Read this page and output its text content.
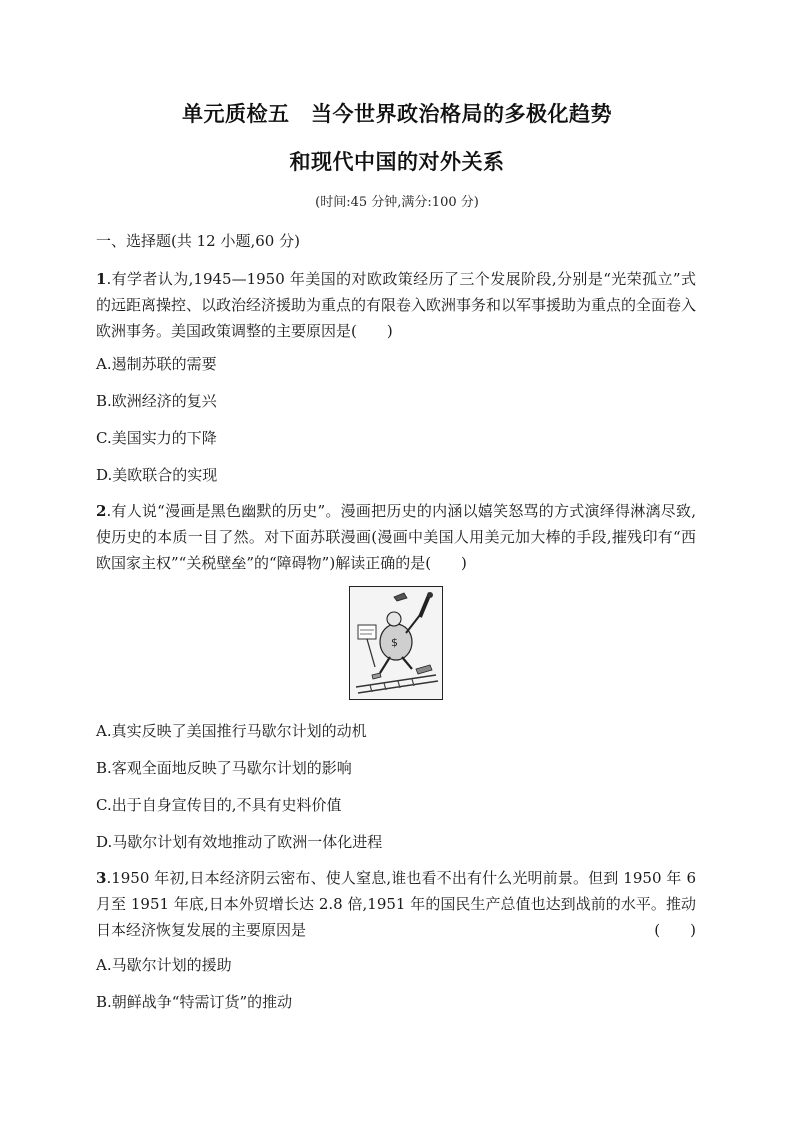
单元质检五　当今世界政治格局的多极化趋势
和现代中国的对外关系
(时间:45 分钟,满分:100 分)
一、选择题(共 12 小题,60 分)
1.有学者认为,1945—1950 年美国的对欧政策经历了三个发展阶段,分别是“光荣孤立”式的远距离操控、以政治经济援助为重点的有限卷入欧洲事务和以军事援助为重点的全面卷入欧洲事务。美国政策调整的主要原因是(　　)
A.遏制苏联的需要
B.欧洲经济的复兴
C.美国实力的下降
D.美欧联合的实现
2.有人说“漫画是黑色幽默的历史”。漫画把历史的内涵以嬉笑怒骂的方式演绎得淋漓尽致,使历史的本质一目了然。对下面苏联漫画(漫画中美国人用美元加大棒的手段,摧残印有“西欧国家主权”“关税壁垒”的“障碍物”)解读正确的是(　　)
$
A.真实反映了美国推行马歇尔计划的动机
B.客观全面地反映了马歇尔计划的影响
C.出于自身宣传目的,不具有史料价值
D.马歇尔计划有效地推动了欧洲一体化进程
3.1950 年初,日本经济阴云密布、使人窒息,谁也看不出有什么光明前景。但到 1950 年 6 月至 1951 年底,日本外贸增长达 2.8 倍,1951 年的国民生产总值也达到战前的水平。推动日本经济恢复发展的主要原因是	(　　)
A.马歇尔计划的援助
B.朝鲜战争“特需订货”的推动
